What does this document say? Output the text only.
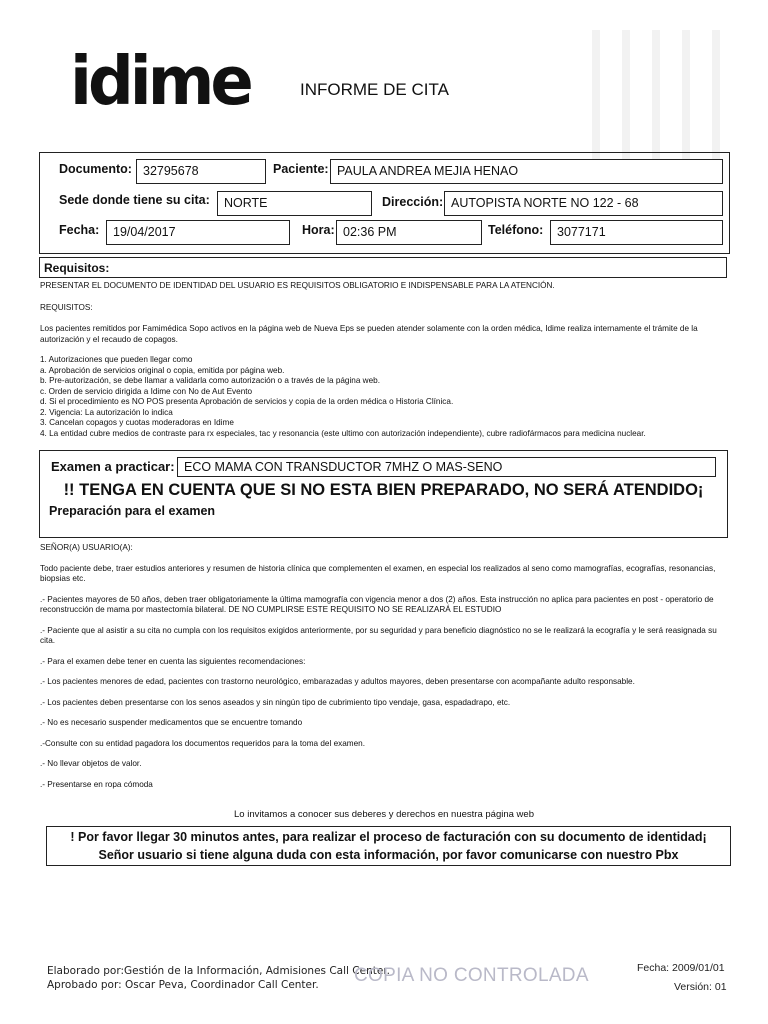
idime	INFORME DE CITA
Documento: 32795678	Paciente: PAULA ANDREA MEJIA HENAO
Sede donde tiene su cita:	NORTE	Dirección: AUTOPISTA NORTE NO 122 - 68
Fecha:	19/04/2017	Hora: 02:36 PM	Teléfono:	3077171
Requisitos:

PRESENTAR EL DOCUMENTO DE IDENTIDAD DEL USUARIO ES REQUISITOS OBLIGATORIO E INDISPENSABLE PARA LA ATENCIÓN.

REQUISITOS:

Los pacientes remitidos por Famimédica Sopo activos en la página web de Nueva Eps se pueden atender solamente con la orden médica, Idime realiza internamente el trámite de la autorización y el recaudo de copagos.

1. Autorizaciones que pueden llegar como

a. Aprobación de servicios original o copia, emitida por página web.

b. Pre-autorización, se debe llamar a validarla como autorización o a través de la página web.

c. Orden de servicio dirigida a Idime con No de Aut Evento

d. Si el procedimiento es NO POS presenta Aprobación de servicios y copia de la orden médica o Historia Clínica.

2. Vigencia: La autorización lo indica

3. Cancelan copagos y cuotas moderadoras en Idime

4. La entidad cubre medios de contraste para rx especiales, tac y resonancia (este ultimo con autorización independiente), cubre radiofármacos para medicina nuclear.

Examen a practicar: ECO MAMA CON TRANSDUCTOR 7MHZ O MAS-SENO
!! TENGA EN CUENTA QUE SI NO ESTA BIEN PREPARADO, NO SERÁ ATENDIDO¡
Preparación para el examen

SEÑOR(A) USUARIO(A):

Todo paciente debe, traer estudios anteriores y resumen de historia clínica que complementen el examen, en especial los realizados al seno como mamografías, ecografías, resonancias, biopsias etc.

.- Pacientes mayores de 50 años, deben traer obligatoriamente la última mamografía con vigencia menor a dos (2) años. Esta instrucción no aplica para pacientes en post - operatorio de reconstrucción de mama por mastectomía bilateral. DE NO CUMPLIRSE ESTE REQUISITO NO SE REALIZARÁ EL ESTUDIO

.- Paciente que al asistir a su cita no cumpla con los requisitos exigidos anteriormente, por su seguridad y para beneficio diagnóstico no se le realizará la ecografía y le será reasignada su cita.

.- Para el examen debe tener en cuenta las siguientes recomendaciones:

.- Los pacientes menores de edad, pacientes con trastorno neurológico, embarazadas y adultos mayores, deben presentarse con acompañante adulto responsable.

.- Los pacientes deben presentarse con los senos aseados y sin ningún tipo de cubrimiento tipo vendaje, gasa, espadadrapo, etc.

.- No es necesario suspender medicamentos que se encuentre tomando

.-Consulte con su entidad pagadora los documentos requeridos para la toma del examen.

.- No llevar objetos de valor.

.- Presentarse en ropa cómoda

Lo invitamos a conocer sus deberes y derechos en nuestra página web
! Por favor llegar 30 minutos antes, para realizar el proceso de facturación con su documento de identidad¡
Señor usuario si tiene alguna duda con esta información, por favor comunicarse con nuestro Pbx
Elaborado por:Gestión de la Información, Admisiones Call Center.
Aprobado por: Oscar Peva, Coordinador Call Center. COPIA NO CONTROLADA	Fecha: 2009/01/01
Versión: 01
